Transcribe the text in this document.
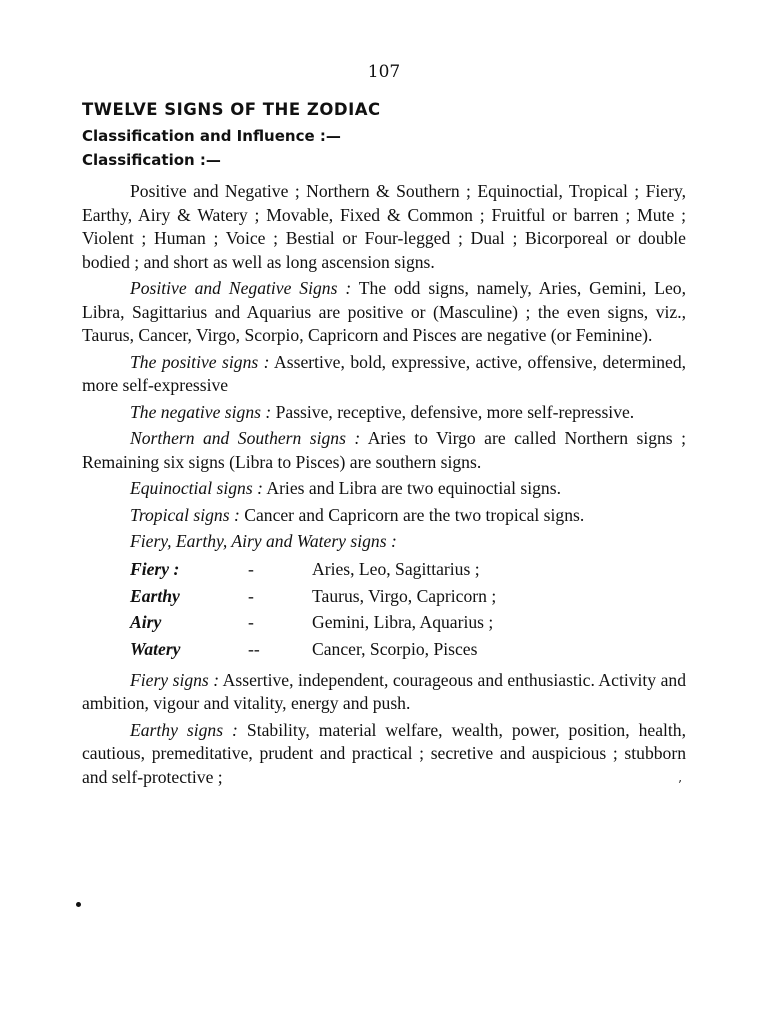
107
TWELVE SIGNS OF THE ZODIAC
Classification and Influence :—
Classification :—

Positive and Negative ; Northern & Southern ; Equinoctial, Tropical ; Fiery, Earthy, Airy & Watery ; Movable, Fixed & Common ; Fruitful or barren ; Mute ; Violent ; Human ; Voice ; Bestial or Four-legged ; Dual ; Bicorporeal or double bodied ; and short as well as long ascension signs.

Positive and Negative Signs : The odd signs, namely, Aries, Gemini, Leo, Libra, Sagittarius and Aquarius are positive or (Masculine) ; the even signs, viz., Taurus, Cancer, Virgo, Scorpio, Capricorn and Pisces are negative (or Feminine).

The positive signs : Assertive, bold, expressive, active, offensive, determined, more self-expressive

The negative signs : Passive, receptive, defensive, more self-repressive.

Northern and Southern signs : Aries to Virgo are called Northern signs ; Remaining six signs (Libra to Pisces) are southern signs.

Equinoctial signs : Aries and Libra are two equinoctial signs.

Tropical signs : Cancer and Capricorn are the two tropical signs.

Fiery, Earthy, Airy and Watery signs :
Fiery :	-	Aries, Leo, Sagittarius ;
Earthy	-	Taurus, Virgo, Capricorn ;
Airy	-	Gemini, Libra, Aquarius ;
Watery	--	Cancer, Scorpio, Pisces

Fiery signs : Assertive, independent, courageous and enthusiastic. Activity and ambition, vigour and vitality, energy and push.

Earthy signs : Stability, material welfare, wealth, power, position, health, cautious, premeditative, prudent and practical ; secretive and auspicious ; stubborn and self-protective ;	’
